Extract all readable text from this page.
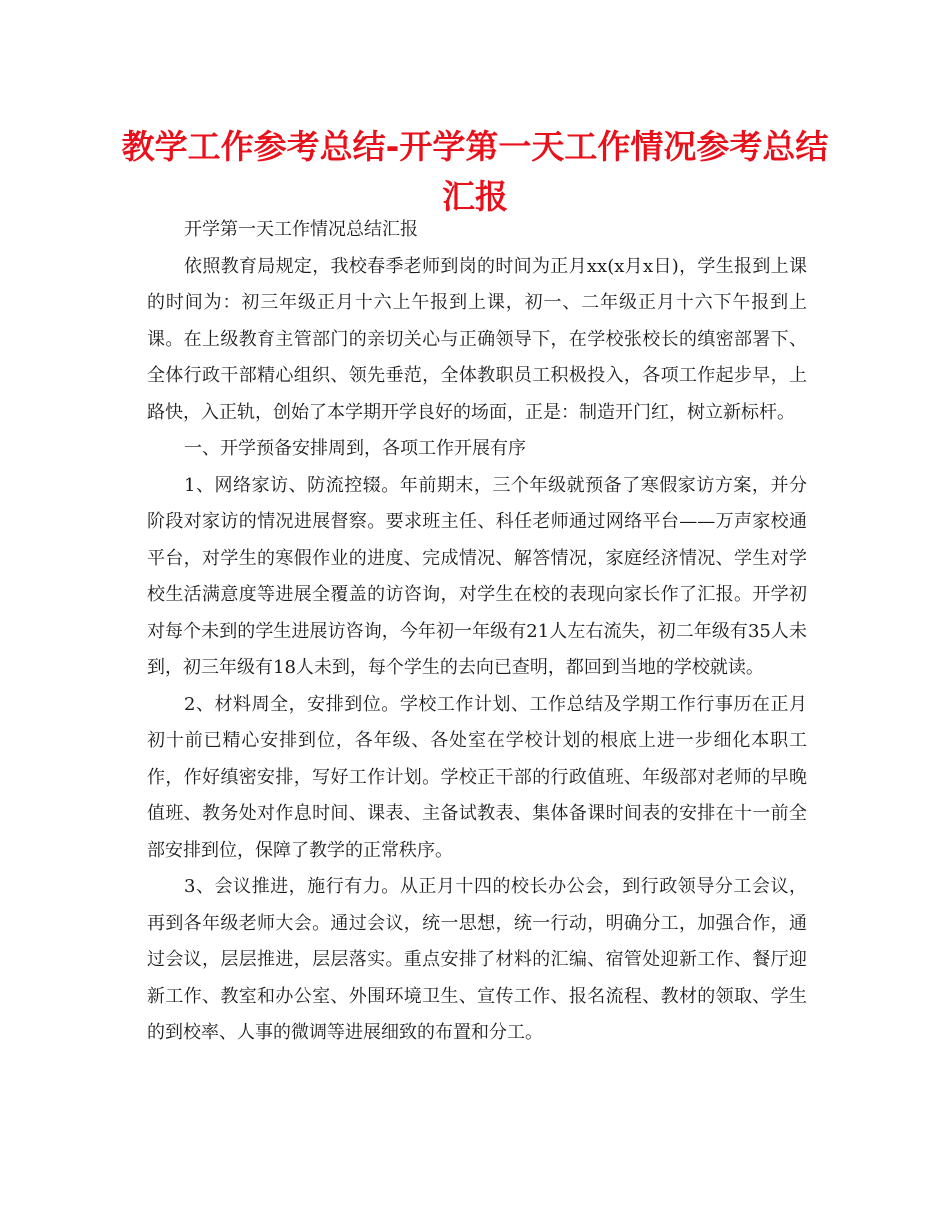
教学工作参考总结-开学第一天工作情况参考总结汇报

开学第一天工作情况总结汇报

依照教育局规定，我校春季老师到岗的时间为正月xx(x月x日)，学生报到上课的时间为：初三年级正月十六上午报到上课，初一、二年级正月十六下午报到上课。在上级教育主管部门的亲切关心与正确领导下，在学校张校长的缜密部署下、全体行政干部精心组织、领先垂范，全体教职员工积极投入，各项工作起步早，上路快，入正轨，创始了本学期开学良好的场面，正是：制造开门红，树立新标杆。

一、开学预备安排周到，各项工作开展有序

1、网络家访、防流控辍。年前期末，三个年级就预备了寒假家访方案，并分阶段对家访的情况进展督察。要求班主任、科任老师通过网络平台——万声家校通平台，对学生的寒假作业的进度、完成情况、解答情况，家庭经济情况、学生对学校生活满意度等进展全覆盖的访咨询，对学生在校的表现向家长作了汇报。开学初对每个未到的学生进展访咨询，今年初一年级有21人左右流失，初二年级有35人未到，初三年级有18人未到，每个学生的去向已查明，都回到当地的学校就读。

2、材料周全，安排到位。学校工作计划、工作总结及学期工作行事历在正月初十前已精心安排到位，各年级、各处室在学校计划的根底上进一步细化本职工作，作好缜密安排，写好工作计划。学校正干部的行政值班、年级部对老师的早晚值班、教务处对作息时间、课表、主备试教表、集体备课时间表的安排在十一前全部安排到位，保障了教学的正常秩序。

3、会议推进，施行有力。从正月十四的校长办公会，到行政领导分工会议，再到各年级老师大会。通过会议，统一思想，统一行动，明确分工，加强合作，通过会议，层层推进，层层落实。重点安排了材料的汇编、宿管处迎新工作、餐厅迎新工作、教室和办公室、外围环境卫生、宣传工作、报名流程、教材的领取、学生的到校率、人事的微调等进展细致的布置和分工。
